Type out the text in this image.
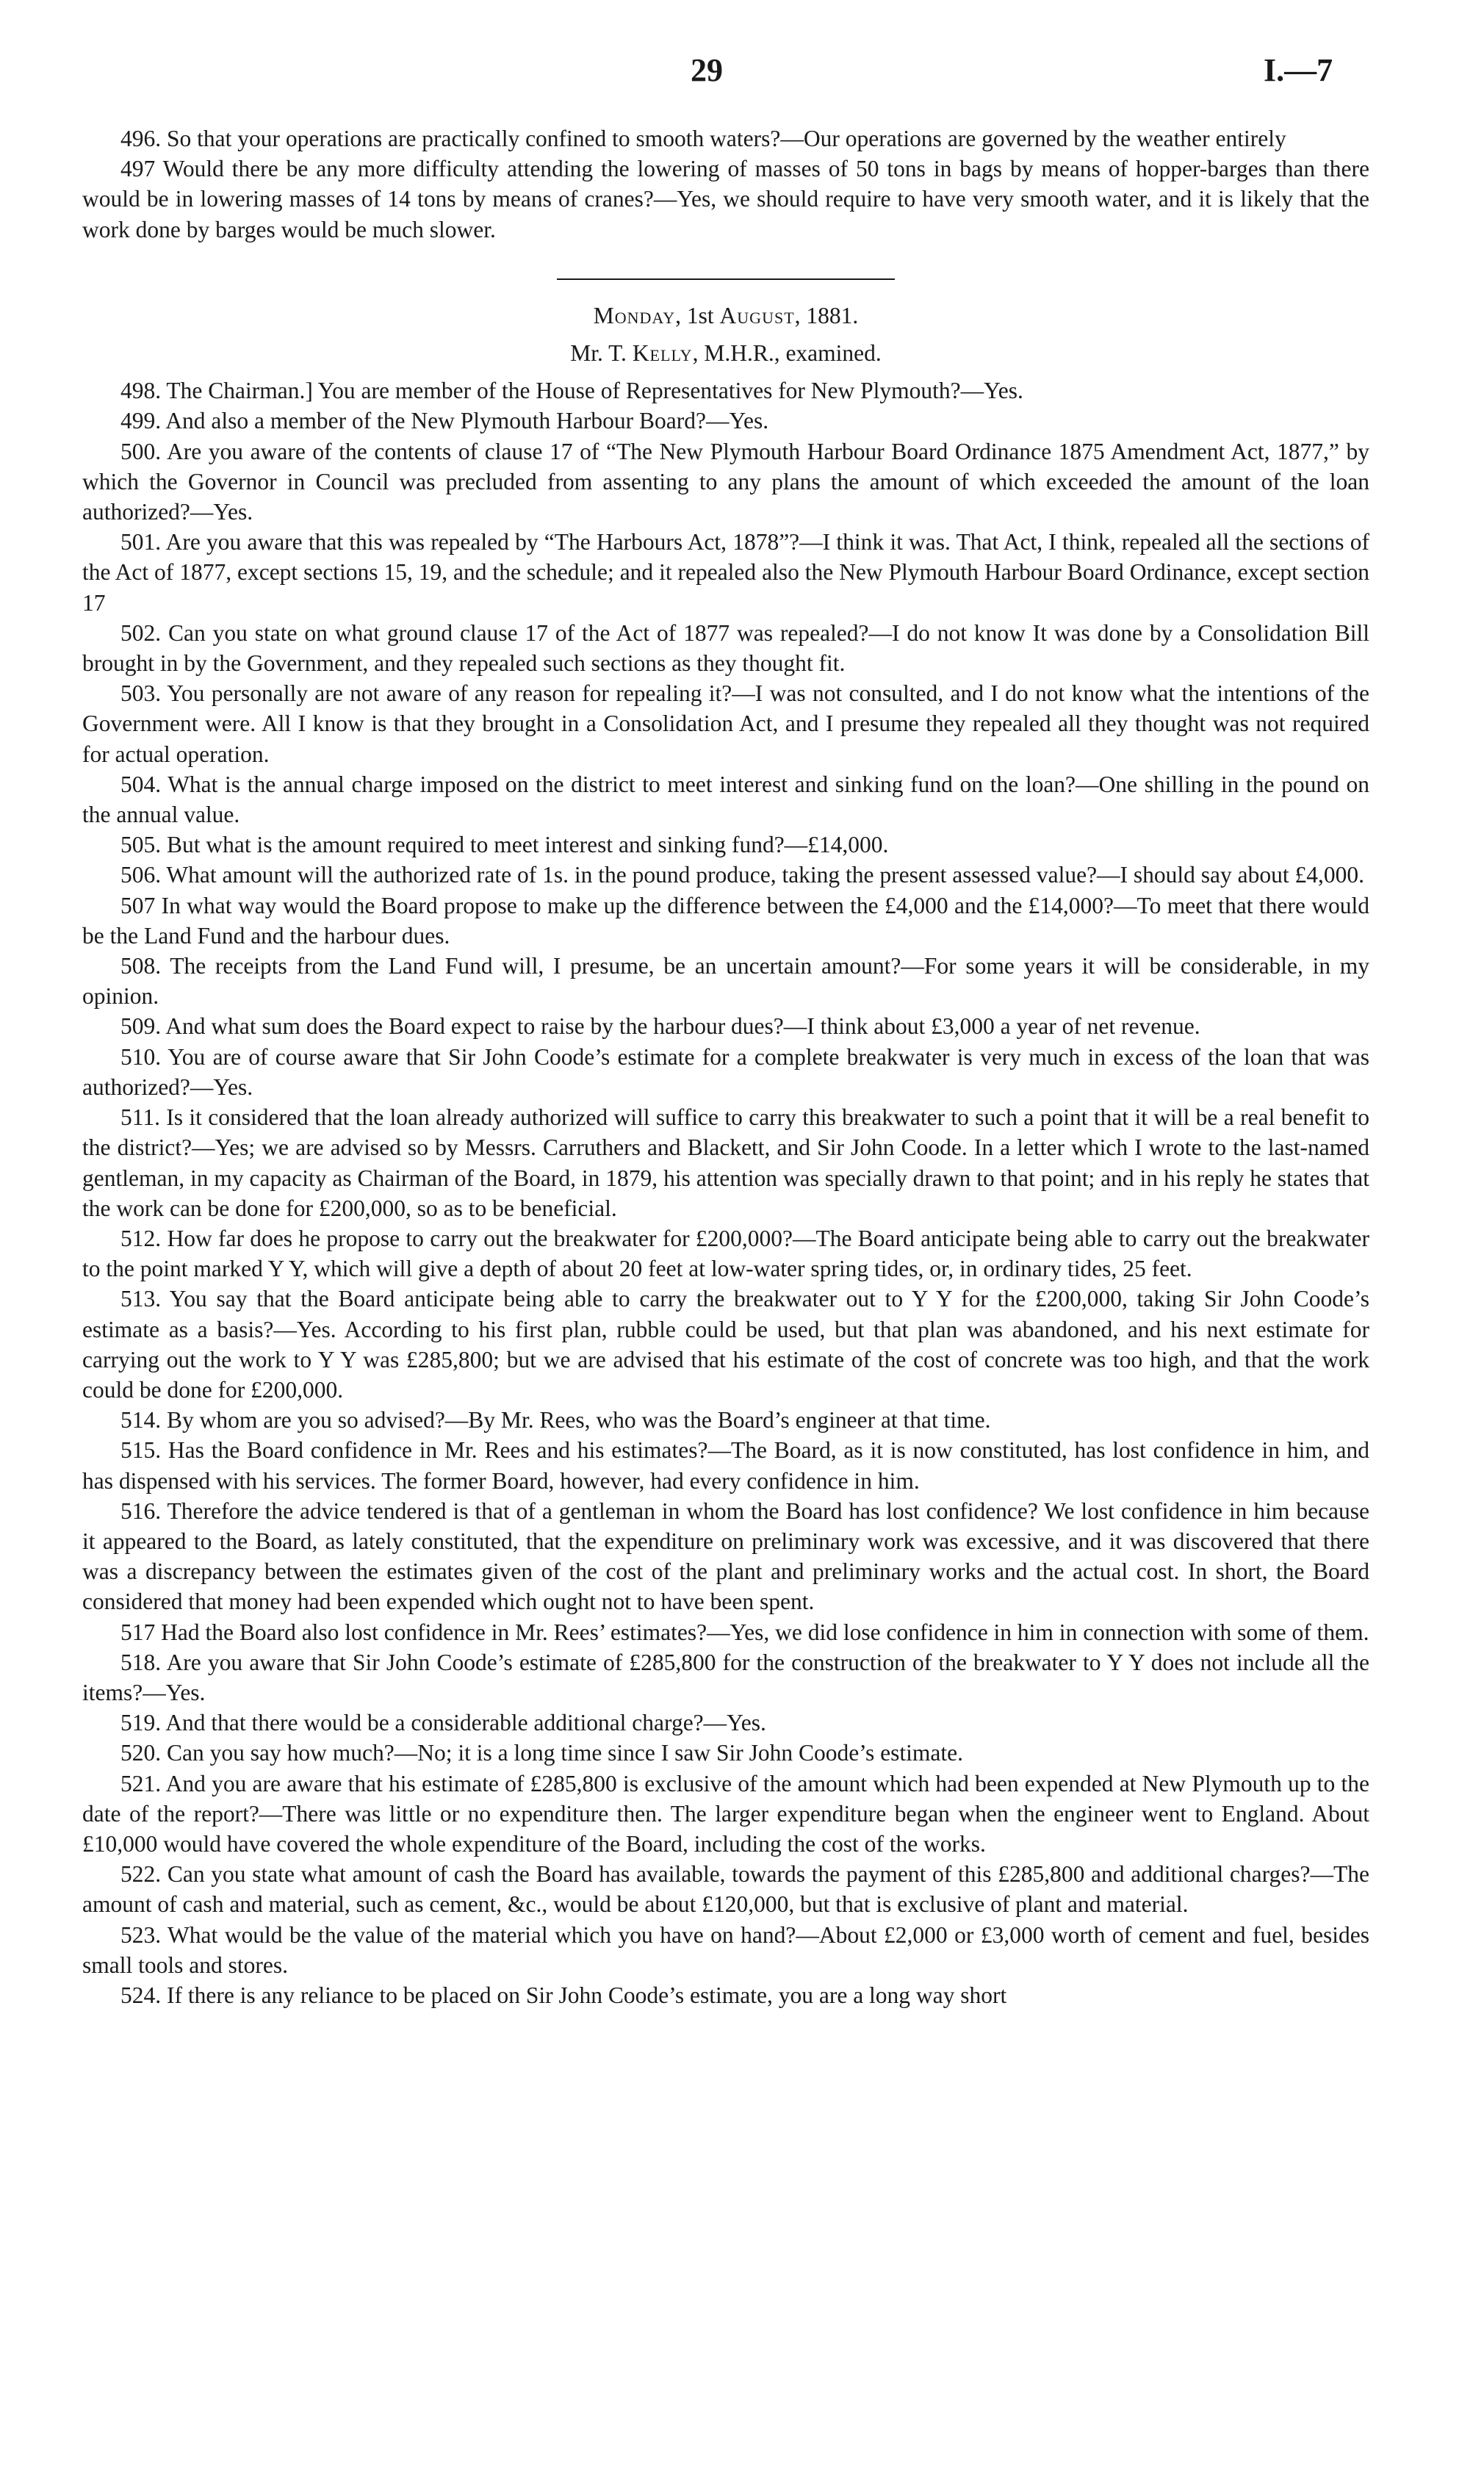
29	I.—7

496. So that your operations are practically confined to smooth waters?—Our operations are governed by the weather entirely

497 Would there be any more difficulty attending the lowering of masses of 50 tons in bags by means of hopper-barges than there would be in lowering masses of 14 tons by means of cranes?—Yes, we should require to have very smooth water, and it is likely that the work done by barges would be much slower.

Monday, 1st August, 1881.
Mr. T. Kelly, M.H.R., examined.

498. The Chairman.] You are member of the House of Representatives for New Plymouth?—Yes.

499. And also a member of the New Plymouth Harbour Board?—Yes.

500. Are you aware of the contents of clause 17 of “The New Plymouth Harbour Board Ordinance 1875 Amendment Act, 1877,” by which the Governor in Council was precluded from assenting to any plans the amount of which exceeded the amount of the loan authorized?—Yes.

501. Are you aware that this was repealed by “The Harbours Act, 1878”?—I think it was. That Act, I think, repealed all the sections of the Act of 1877, except sections 15, 19, and the schedule; and it repealed also the New Plymouth Harbour Board Ordinance, except section 17

502. Can you state on what ground clause 17 of the Act of 1877 was repealed?—I do not know It was done by a Consolidation Bill brought in by the Government, and they repealed such sections as they thought fit.

503. You personally are not aware of any reason for repealing it?—I was not consulted, and I do not know what the intentions of the Government were. All I know is that they brought in a Consolidation Act, and I presume they repealed all they thought was not required for actual operation.

504. What is the annual charge imposed on the district to meet interest and sinking fund on the loan?—One shilling in the pound on the annual value.

505. But what is the amount required to meet interest and sinking fund?—£14,000.

506. What amount will the authorized rate of 1s. in the pound produce, taking the present assessed value?—I should say about £4,000.

507 In what way would the Board propose to make up the difference between the £4,000 and the £14,000?—To meet that there would be the Land Fund and the harbour dues.

508. The receipts from the Land Fund will, I presume, be an uncertain amount?—For some years it will be considerable, in my opinion.

509. And what sum does the Board expect to raise by the harbour dues?—I think about £3,000 a year of net revenue.

510. You are of course aware that Sir John Coode’s estimate for a complete breakwater is very much in excess of the loan that was authorized?—Yes.

511. Is it considered that the loan already authorized will suffice to carry this breakwater to such a point that it will be a real benefit to the district?—Yes; we are advised so by Messrs. Carruthers and Blackett, and Sir John Coode. In a letter which I wrote to the last-named gentleman, in my capacity as Chairman of the Board, in 1879, his attention was specially drawn to that point; and in his reply he states that the work can be done for £200,000, so as to be beneficial.

512. How far does he propose to carry out the breakwater for £200,000?—The Board anticipate being able to carry out the breakwater to the point marked Y Y, which will give a depth of about 20 feet at low-water spring tides, or, in ordinary tides, 25 feet.

513. You say that the Board anticipate being able to carry the breakwater out to Y Y for the £200,000, taking Sir John Coode’s estimate as a basis?—Yes. According to his first plan, rubble could be used, but that plan was abandoned, and his next estimate for carrying out the work to Y Y was £285,800; but we are advised that his estimate of the cost of concrete was too high, and that the work could be done for £200,000.

514. By whom are you so advised?—By Mr. Rees, who was the Board’s engineer at that time.

515. Has the Board confidence in Mr. Rees and his estimates?—The Board, as it is now constituted, has lost confidence in him, and has dispensed with his services. The former Board, however, had every confidence in him.

516. Therefore the advice tendered is that of a gentleman in whom the Board has lost confidence? We lost confidence in him because it appeared to the Board, as lately constituted, that the expenditure on preliminary work was excessive, and it was discovered that there was a discrepancy between the estimates given of the cost of the plant and preliminary works and the actual cost. In short, the Board considered that money had been expended which ought not to have been spent.

517 Had the Board also lost confidence in Mr. Rees’ estimates?—Yes, we did lose confidence in him in connection with some of them.

518. Are you aware that Sir John Coode’s estimate of £285,800 for the construction of the breakwater to Y Y does not include all the items?—Yes.

519. And that there would be a considerable additional charge?—Yes.

520. Can you say how much?—No; it is a long time since I saw Sir John Coode’s estimate.

521. And you are aware that his estimate of £285,800 is exclusive of the amount which had been expended at New Plymouth up to the date of the report?—There was little or no expenditure then. The larger expenditure began when the engineer went to England. About £10,000 would have covered the whole expenditure of the Board, including the cost of the works.

522. Can you state what amount of cash the Board has available, towards the payment of this £285,800 and additional charges?—The amount of cash and material, such as cement, &c., would be about £120,000, but that is exclusive of plant and material.

523. What would be the value of the material which you have on hand?—About £2,000 or £3,000 worth of cement and fuel, besides small tools and stores.

524. If there is any reliance to be placed on Sir John Coode’s estimate, you are a long way short
